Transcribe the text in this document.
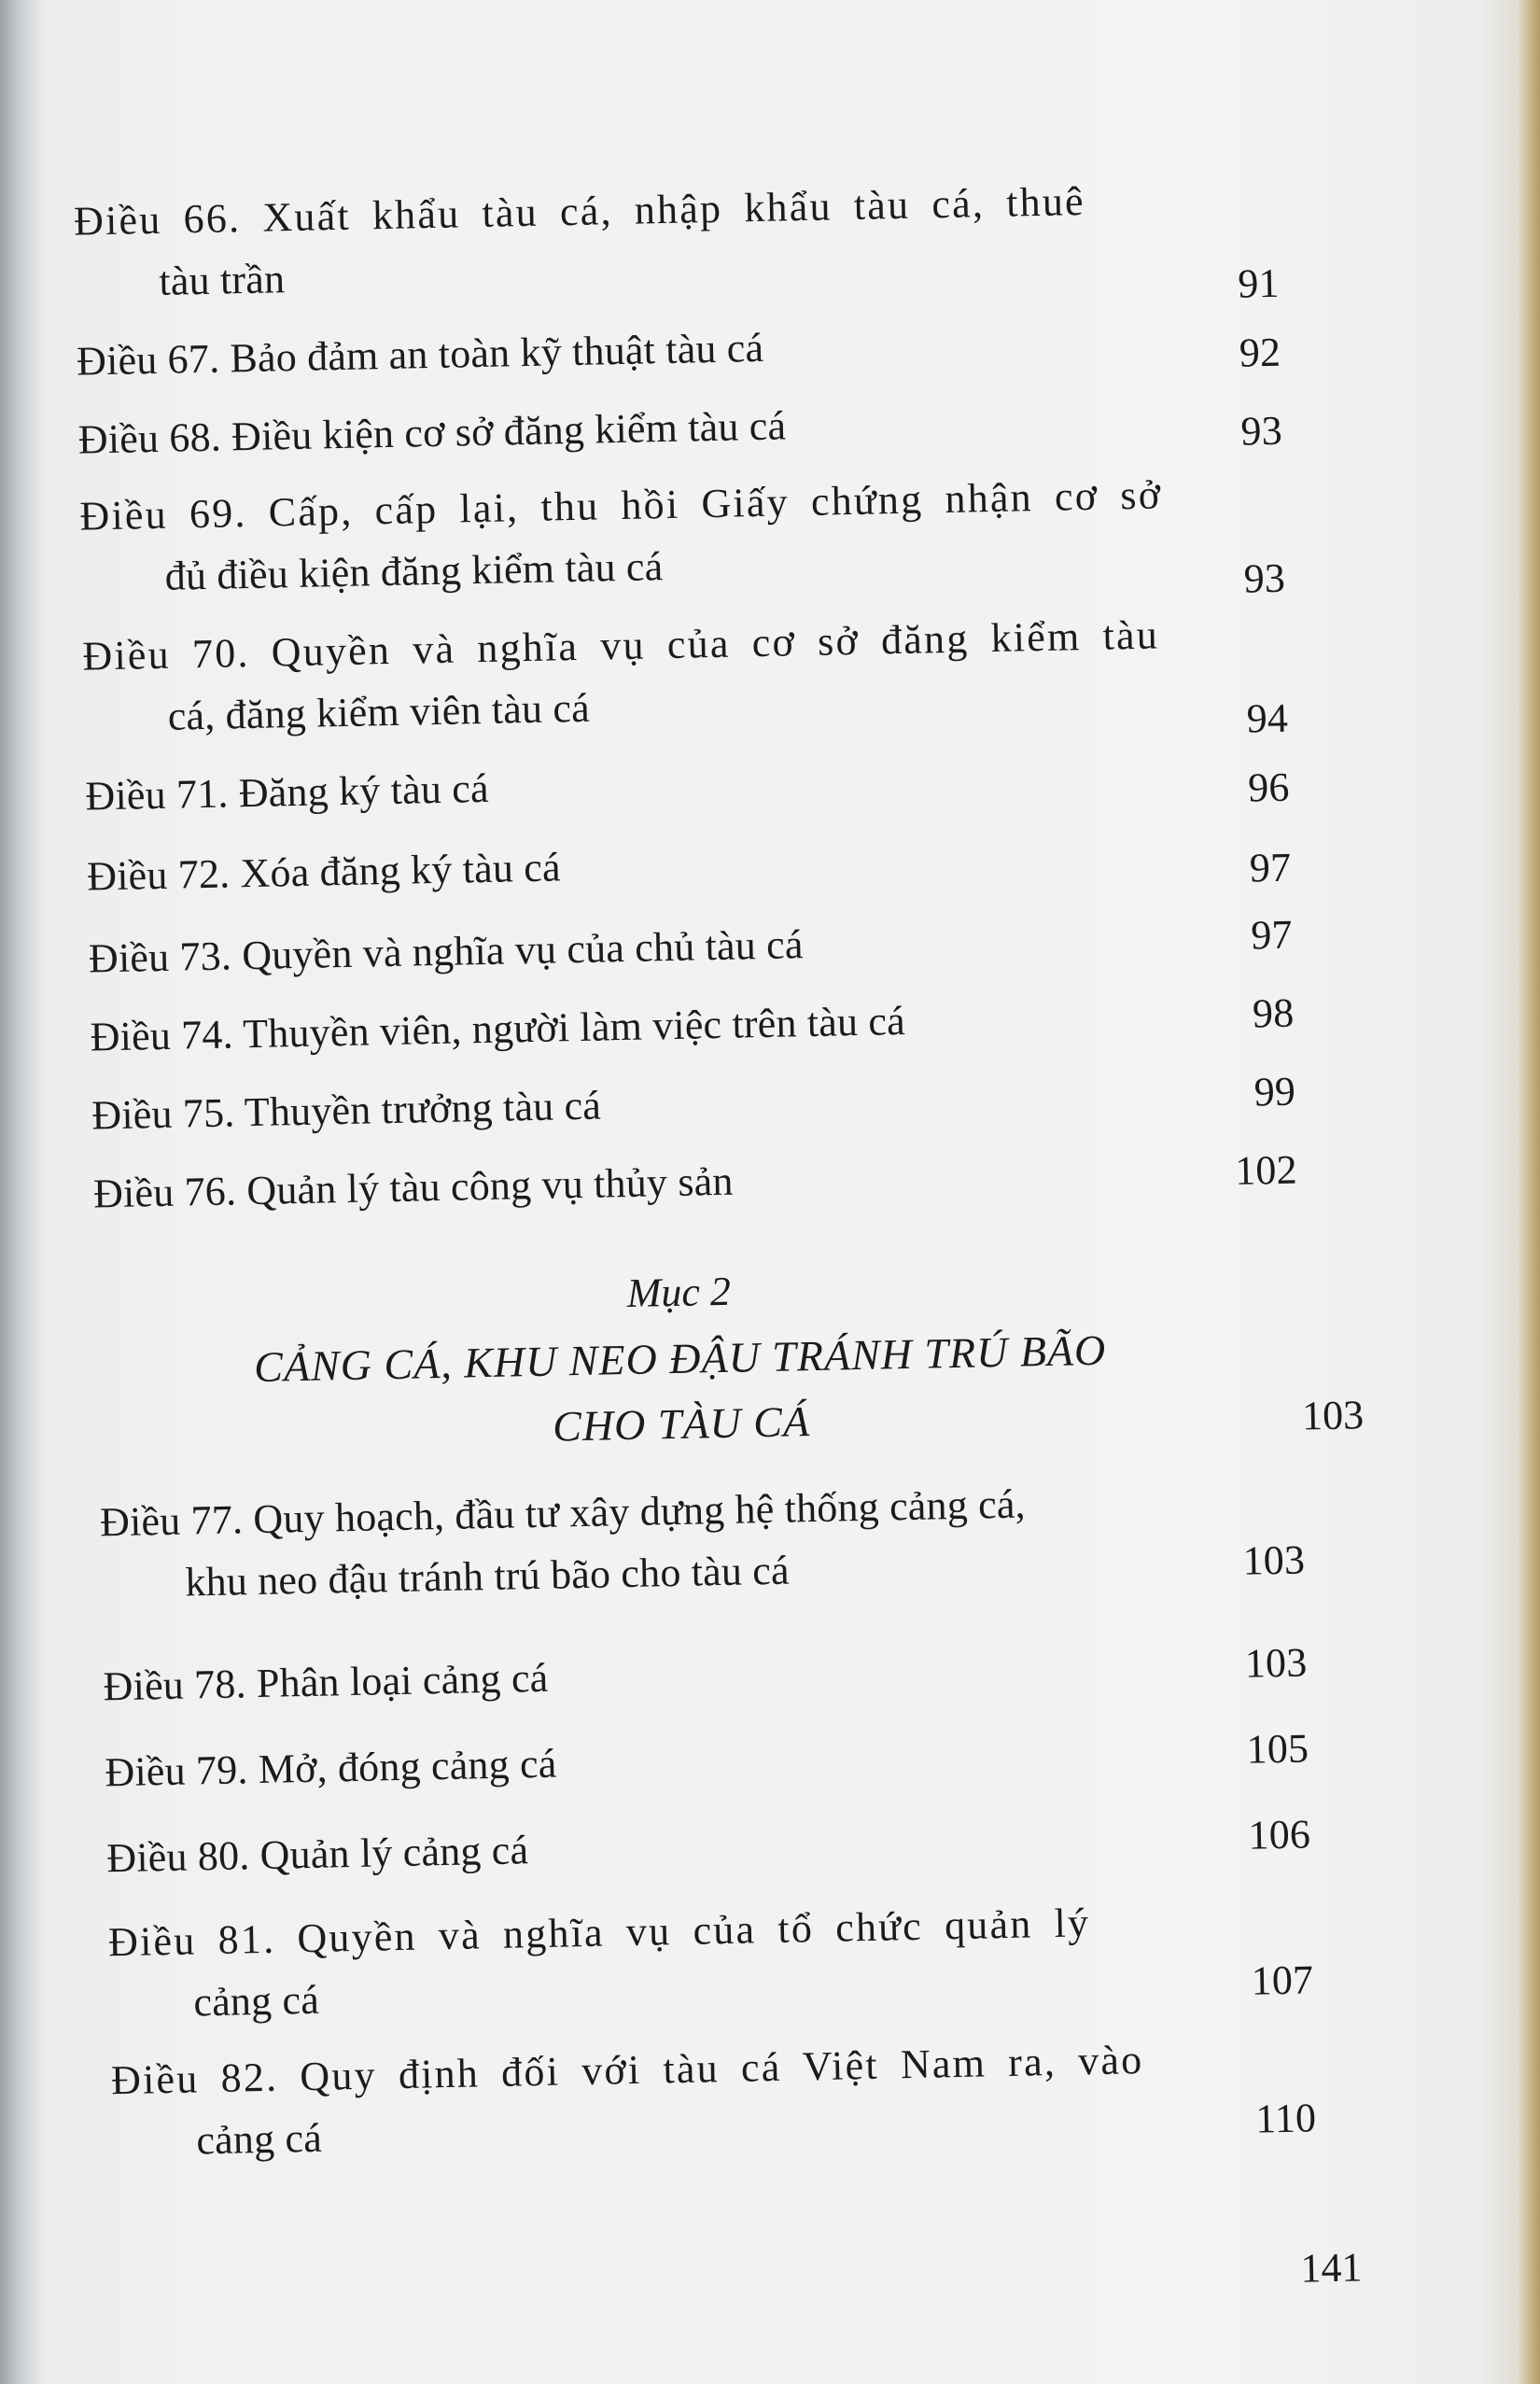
Điều 66. Xuất khẩu tàu cá, nhập khẩu tàu cá, thuê
tàu trần	91
Điều 67. Bảo đảm an toàn kỹ thuật tàu cá	92
Điều 68. Điều kiện cơ sở đăng kiểm tàu cá	93
Điều 69. Cấp, cấp lại, thu hồi Giấy chứng nhận cơ sở
đủ điều kiện đăng kiểm tàu cá	93
Điều 70. Quyền và nghĩa vụ của cơ sở đăng kiểm tàu
cá, đăng kiểm viên tàu cá	94
Điều 71. Đăng ký tàu cá	96
Điều 72. Xóa đăng ký tàu cá	97
Điều 73. Quyền và nghĩa vụ của chủ tàu cá	97
Điều 74. Thuyền viên, người làm việc trên tàu cá	98
Điều 75. Thuyền trưởng tàu cá	99
Điều 76. Quản lý tàu công vụ thủy sản	102
Mục 2
CẢNG CÁ, KHU NEO ĐẬU TRÁNH TRÚ BÃO
CHO TÀU CÁ	103
Điều 77. Quy hoạch, đầu tư xây dựng hệ thống cảng cá,
khu neo đậu tránh trú bão cho tàu cá	103
Điều 78. Phân loại cảng cá	103
Điều 79. Mở, đóng cảng cá	105
Điều 80. Quản lý cảng cá	106
Điều 81. Quyền và nghĩa vụ của tổ chức quản lý
cảng cá	107
Điều 82. Quy định đối với tàu cá Việt Nam ra, vào
cảng cá	110
141
